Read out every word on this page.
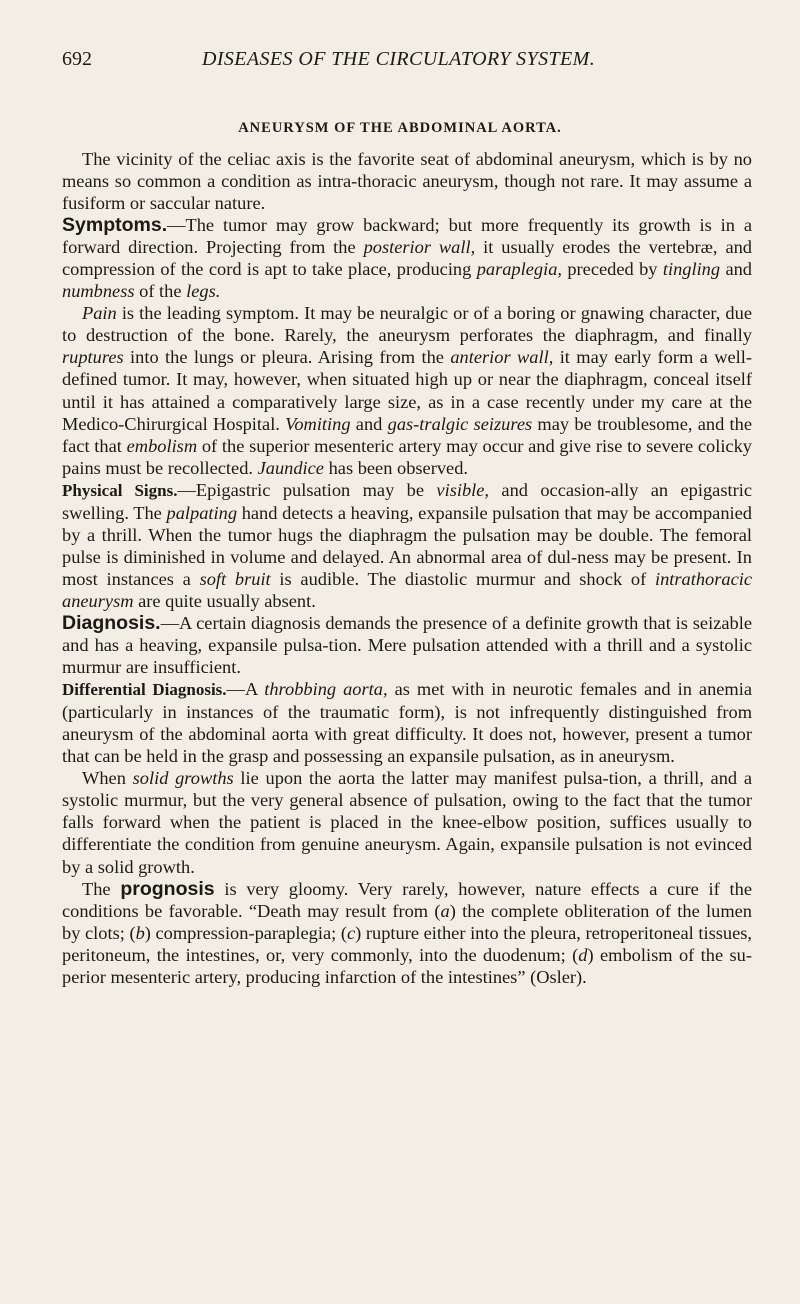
692	DISEASES OF THE CIRCULATORY SYSTEM.
ANEURYSM OF THE ABDOMINAL AORTA.

The vicinity of the celiac axis is the favorite seat of abdominal aneurysm, which is by no means so common a condition as intra-thoracic aneurysm, though not rare. It may assume a fusiform or saccular nature.

Symptoms.—The tumor may grow backward; but more frequently its growth is in a forward direction. Projecting from the posterior wall, it usually erodes the vertebræ, and compression of the cord is apt to take place, producing paraplegia, preceded by tingling and numbness of the legs.

Pain is the leading symptom. It may be neuralgic or of a boring or gnawing character, due to destruction of the bone. Rarely, the aneurysm perforates the diaphragm, and finally ruptures into the lungs or pleura. Arising from the anterior wall, it may early form a well-defined tumor. It may, however, when situated high up or near the diaphragm, conceal itself until it has attained a comparatively large size, as in a case recently under my care at the Medico-Chirurgical Hospital. Vomiting and gas-tralgic seizures may be troublesome, and the fact that embolism of the superior mesenteric artery may occur and give rise to severe colicky pains must be recollected. Jaundice has been observed.

Physical Signs.—Epigastric pulsation may be visible, and occasion-ally an epigastric swelling. The palpating hand detects a heaving, expansile pulsation that may be accompanied by a thrill. When the tumor hugs the diaphragm the pulsation may be double. The femoral pulse is diminished in volume and delayed. An abnormal area of dul-ness may be present. In most instances a soft bruit is audible. The diastolic murmur and shock of intrathoracic aneurysm are quite usually absent.

Diagnosis.—A certain diagnosis demands the presence of a definite growth that is seizable and has a heaving, expansile pulsa-tion. Mere pulsation attended with a thrill and a systolic murmur are insufficient.

Differential Diagnosis.—A throbbing aorta, as met with in neurotic females and in anemia (particularly in instances of the traumatic form), is not infrequently distinguished from aneurysm of the abdominal aorta with great difficulty. It does not, however, present a tumor that can be held in the grasp and possessing an expansile pulsation, as in aneurysm.

When solid growths lie upon the aorta the latter may manifest pulsa-tion, a thrill, and a systolic murmur, but the very general absence of pulsation, owing to the fact that the tumor falls forward when the patient is placed in the knee-elbow position, suffices usually to differentiate the condition from genuine aneurysm. Again, expansile pulsation is not evinced by a solid growth.

The prognosis is very gloomy. Very rarely, however, nature effects a cure if the conditions be favorable. “Death may result from (a) the complete obliteration of the lumen by clots; (b) compression-paraplegia; (c) rupture either into the pleura, retroperitoneal tissues, peritoneum, the intestines, or, very commonly, into the duodenum; (d) embolism of the su-perior mesenteric artery, producing infarction of the intestines” (Osler).
